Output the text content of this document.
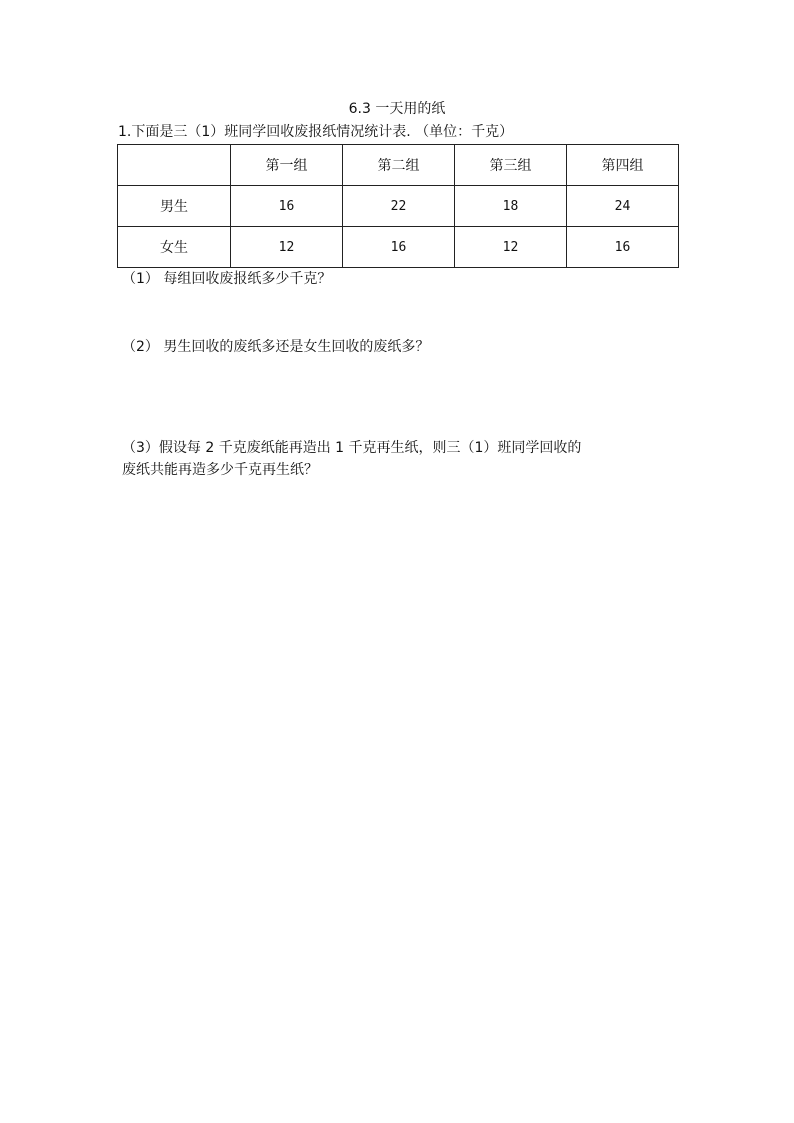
6.3 一天用的纸
1.下面是三（1）班同学回收废报纸情况统计表. （单位：千克）
	第一组	第二组	第三组	第四组
男生	16	22	18	24
女生	12	16	12	16
（1） 每组回收废报纸多少千克？
（2） 男生回收的废纸多还是女生回收的废纸多？
（3）假设每 2 千克废纸能再造出 1 千克再生纸，则三（1）班同学回收的
废纸共能再造多少千克再生纸？
